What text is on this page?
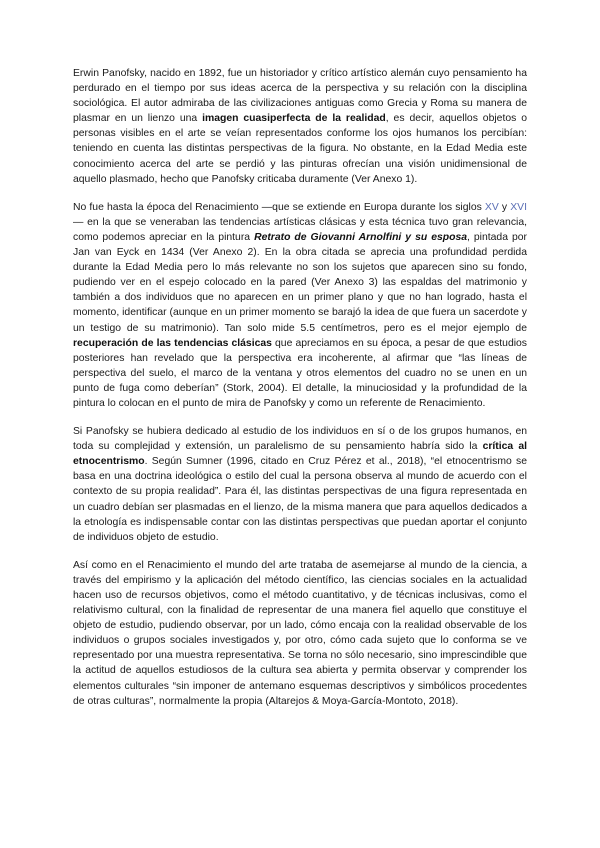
Erwin Panofsky, nacido en 1892, fue un historiador y crítico artístico alemán cuyo pensamiento ha perdurado en el tiempo por sus ideas acerca de la perspectiva y su relación con la disciplina sociológica. El autor admiraba de las civilizaciones antiguas como Grecia y Roma su manera de plasmar en un lienzo una imagen cuasiperfecta de la realidad, es decir, aquellos objetos o personas visibles en el arte se veían representados conforme los ojos humanos los percibían: teniendo en cuenta las distintas perspectivas de la figura. No obstante, en la Edad Media este conocimiento acerca del arte se perdió y las pinturas ofrecían una visión unidimensional de aquello plasmado, hecho que Panofsky criticaba duramente (Ver Anexo 1).

No fue hasta la época del Renacimiento —que se extiende en Europa durante los siglos XV y XVI— en la que se veneraban las tendencias artísticas clásicas y esta técnica tuvo gran relevancia, como podemos apreciar en la pintura Retrato de Giovanni Arnolfini y su esposa, pintada por Jan van Eyck en 1434 (Ver Anexo 2). En la obra citada se aprecia una profundidad perdida durante la Edad Media pero lo más relevante no son los sujetos que aparecen sino su fondo, pudiendo ver en el espejo colocado en la pared (Ver Anexo 3) las espaldas del matrimonio y también a dos individuos que no aparecen en un primer plano y que no han logrado, hasta el momento, identificar (aunque en un primer momento se barajó la idea de que fuera un sacerdote y un testigo de su matrimonio). Tan solo mide 5.5 centímetros, pero es el mejor ejemplo de recuperación de las tendencias clásicas que apreciamos en su época, a pesar de que estudios posteriores han revelado que la perspectiva era incoherente, al afirmar que “las líneas de perspectiva del suelo, el marco de la ventana y otros elementos del cuadro no se unen en un punto de fuga como deberían” (Stork, 2004). El detalle, la minuciosidad y la profundidad de la pintura lo colocan en el punto de mira de Panofsky y como un referente de Renacimiento.

Si Panofsky se hubiera dedicado al estudio de los individuos en sí o de los grupos humanos, en toda su complejidad y extensión, un paralelismo de su pensamiento habría sido la crítica al etnocentrismo. Según Sumner (1996, citado en Cruz Pérez et al., 2018), “el etnocentrismo se basa en una doctrina ideológica o estilo del cual la persona observa al mundo de acuerdo con el contexto de su propia realidad”. Para él, las distintas perspectivas de una figura representada en un cuadro debían ser plasmadas en el lienzo, de la misma manera que para aquellos dedicados a la etnología es indispensable contar con las distintas perspectivas que puedan aportar el conjunto de individuos objeto de estudio.

Así como en el Renacimiento el mundo del arte trataba de asemejarse al mundo de la ciencia, a través del empirismo y la aplicación del método científico, las ciencias sociales en la actualidad hacen uso de recursos objetivos, como el método cuantitativo, y de técnicas inclusivas, como el relativismo cultural, con la finalidad de representar de una manera fiel aquello que constituye el objeto de estudio, pudiendo observar, por un lado, cómo encaja con la realidad observable de los individuos o grupos sociales investigados y, por otro, cómo cada sujeto que lo conforma se ve representado por una muestra representativa. Se torna no sólo necesario, sino imprescindible que la actitud de aquellos estudiosos de la cultura sea abierta y permita observar y comprender los elementos culturales “sin imponer de antemano esquemas descriptivos y simbólicos procedentes de otras culturas”, normalmente la propia (Altarejos & Moya-García-Montoto, 2018).
